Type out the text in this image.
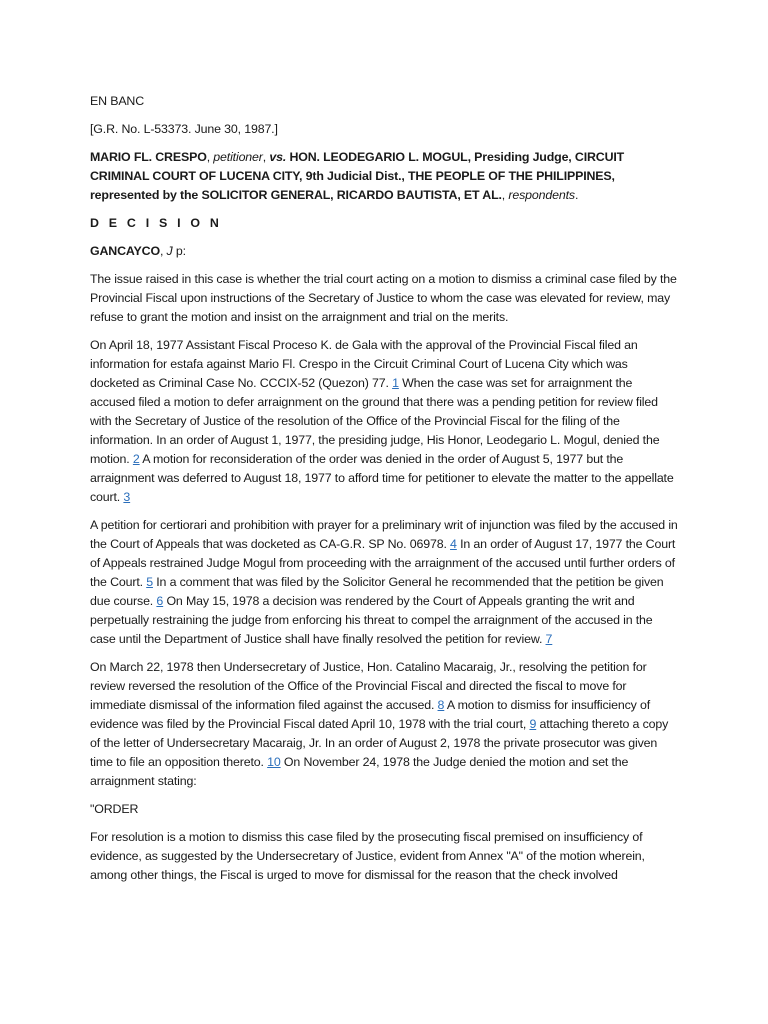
EN BANC

[G.R. No. L-53373. June 30, 1987.]

MARIO FL. CRESPO, petitioner, vs. HON. LEODEGARIO L. MOGUL, Presiding Judge, CIRCUIT CRIMINAL COURT OF LUCENA CITY, 9th Judicial Dist., THE PEOPLE OF THE PHILIPPINES, represented by the SOLICITOR GENERAL, RICARDO BAUTISTA, ET AL., respondents.

D E C I S I O N

GANCAYCO, J p:

The issue raised in this case is whether the trial court acting on a motion to dismiss a criminal case filed by the Provincial Fiscal upon instructions of the Secretary of Justice to whom the case was elevated for review, may refuse to grant the motion and insist on the arraignment and trial on the merits.

On April 18, 1977 Assistant Fiscal Proceso K. de Gala with the approval of the Provincial Fiscal filed an information for estafa against Mario Fl. Crespo in the Circuit Criminal Court of Lucena City which was docketed as Criminal Case No. CCCIX-52 (Quezon) 77. 1 When the case was set for arraignment the accused filed a motion to defer arraignment on the ground that there was a pending petition for review filed with the Secretary of Justice of the resolution of the Office of the Provincial Fiscal for the filing of the information. In an order of August 1, 1977, the presiding judge, His Honor, Leodegario L. Mogul, denied the motion. 2 A motion for reconsideration of the order was denied in the order of August 5, 1977 but the arraignment was deferred to August 18, 1977 to afford time for petitioner to elevate the matter to the appellate court. 3

A petition for certiorari and prohibition with prayer for a preliminary writ of injunction was filed by the accused in the Court of Appeals that was docketed as CA-G.R. SP No. 06978. 4 In an order of August 17, 1977 the Court of Appeals restrained Judge Mogul from proceeding with the arraignment of the accused until further orders of the Court. 5 In a comment that was filed by the Solicitor General he recommended that the petition be given due course. 6 On May 15, 1978 a decision was rendered by the Court of Appeals granting the writ and perpetually restraining the judge from enforcing his threat to compel the arraignment of the accused in the case until the Department of Justice shall have finally resolved the petition for review. 7

On March 22, 1978 then Undersecretary of Justice, Hon. Catalino Macaraig, Jr., resolving the petition for review reversed the resolution of the Office of the Provincial Fiscal and directed the fiscal to move for immediate dismissal of the information filed against the accused. 8 A motion to dismiss for insufficiency of evidence was filed by the Provincial Fiscal dated April 10, 1978 with the trial court, 9 attaching thereto a copy of the letter of Undersecretary Macaraig, Jr. In an order of August 2, 1978 the private prosecutor was given time to file an opposition thereto. 10 On November 24, 1978 the Judge denied the motion and set the arraignment stating:

"ORDER

For resolution is a motion to dismiss this case filed by the prosecuting fiscal premised on insufficiency of evidence, as suggested by the Undersecretary of Justice, evident from Annex "A" of the motion wherein, among other things, the Fiscal is urged to move for dismissal for the reason that the check involved
